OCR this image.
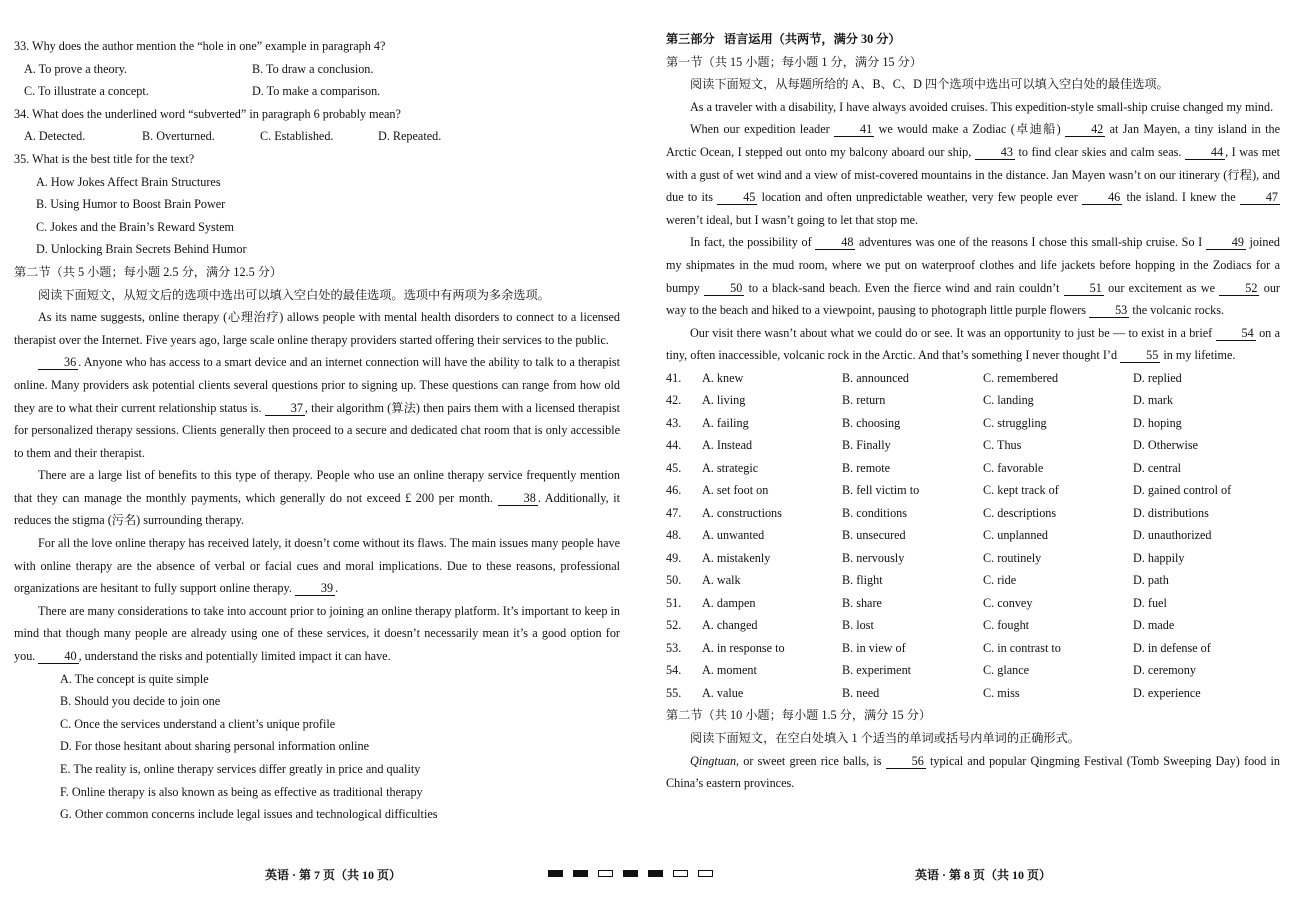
33. Why does the author mention the “hole in one” example in paragraph 4?
A. To prove a theory.	B. To draw a conclusion.
C. To illustrate a concept.	D. To make a comparison.
34. What does the underlined word “subverted” in paragraph 6 probably mean?
A. Detected.	B. Overturned.	C. Established.	D. Repeated.
35. What is the best title for the text?
A. How Jokes Affect Brain Structures
B. Using Humor to Boost Brain Power
C. Jokes and the Brain’s Reward System
D. Unlocking Brain Secrets Behind Humor
第二节（共 5 小题；每小题 2.5 分，满分 12.5 分）
阅读下面短文，从短文后的选项中选出可以填入空白处的最佳选项。选项中有两项为多余选项。
As its name suggests, online therapy (心理治疗) allows people with mental health disorders to connect to a licensed therapist over the Internet. Five years ago, large scale online therapy providers started offering their services to the public.
36 . Anyone who has access to a smart device and an internet connection will have the ability to talk to a therapist online. Many providers ask potential clients several questions prior to signing up. These questions can range from how old they are to what their current relationship status is. 37 , their algorithm (算法) then pairs them with a licensed therapist for personalized therapy sessions. Clients generally then proceed to a secure and dedicated chat room that is only accessible to them and their therapist.
There are a large list of benefits to this type of therapy. People who use an online therapy service frequently mention that they can manage the monthly payments, which generally do not exceed £ 200 per month.	38 . Additionally, it reduces the stigma (污名) surrounding therapy.
For all the love online therapy has received lately, it doesn’t come without its flaws. The main issues many people have with online therapy are the absence of verbal or facial cues and moral implications. Due to these reasons, professional organizations are hesitant to fully support online therapy. 39 .
There are many considerations to take into account prior to joining an online therapy platform. It’s important to keep in mind that though many people are already using one of these services, it doesn’t necessarily mean it’s a good option for you. 40 , understand the risks and potentially limited impact it can have.
A. The concept is quite simple
B. Should you decide to join one
C. Once the services understand a client’s unique profile
D. For those hesitant about sharing personal information online
E. The reality is, online therapy services differ greatly in price and quality
F. Online therapy is also known as being as effective as traditional therapy
G. Other common concerns include legal issues and technological difficulties
英语 · 第 7 页（共 10 页）
第三部分 语言运用（共两节，满分 30 分）
第一节（共 15 小题；每小题 1 分，满分 15 分）
阅读下面短文，从每题所给的 A、B、C、D 四个选项中选出可以填入空白处的最佳选项。
As a traveler with a disability, I have always avoided cruises. This expedition-style small-ship cruise changed my mind.
When our expedition leader 41 we would make a Zodiac (卓迪船) 42 at Jan Mayen, a tiny island in the Arctic Ocean, I stepped out onto my balcony aboard our ship, 43 to find clear skies and calm seas. 44 , I was met with a gust of wet wind and a view of mist-covered mountains in the distance. Jan Mayen wasn’t on our itinerary (行程), and due to its 45 location and often unpredictable weather, very few people ever 46 the island. I knew the 47 weren’t ideal, but I wasn’t going to let that stop me.
In fact, the possibility of 48 adventures was one of the reasons I chose this small-ship cruise. So I 49 joined my shipmates in the mud room, where we put on waterproof clothes and life jackets before hopping in the Zodiacs for a bumpy 50 to a black-sand beach. Even the fierce wind and rain couldn’t 51 our excitement as we 52 our way to the beach and hiked to a viewpoint, pausing to photograph little purple flowers 53 the volcanic rocks.
Our visit there wasn’t about what we could do or see. It was an opportunity to just be — to exist in a brief 54 on a tiny, often inaccessible, volcanic rock in the Arctic. And that’s something I never thought I’d 55 in my lifetime.
41.	A. knew	B. announced	C. remembered	D. replied
42.	A. living	B. return	C. landing	D. mark
43.	A. failing	B. choosing	C. struggling	D. hoping
44.	A. Instead	B. Finally	C. Thus	D. Otherwise
45.	A. strategic	B. remote	C. favorable	D. central
46.	A. set foot on	B. fell victim to	C. kept track of	D. gained control of
47.	A. constructions	B. conditions	C. descriptions	D. distributions
48.	A. unwanted	B. unsecured	C. unplanned	D. unauthorized
49.	A. mistakenly	B. nervously	C. routinely	D. happily
50.	A. walk	B. flight	C. ride	D. path
51.	A. dampen	B. share	C. convey	D. fuel
52.	A. changed	B. lost	C. fought	D. made
53.	A. in response to	B. in view of	C. in contrast to	D. in defense of
54.	A. moment	B. experiment	C. glance	D. ceremony
55.	A. value	B. need	C. miss	D. experience
第二节（共 10 小题；每小题 1.5 分，满分 15 分）
阅读下面短文，在空白处填入 1 个适当的单词或括号内单词的正确形式。
Qingtuan, or sweet green rice balls, is 56 typical and popular Qingming Festival (Tomb Sweeping Day) food in China’s eastern provinces.
英语 · 第 8 页（共 10 页）
